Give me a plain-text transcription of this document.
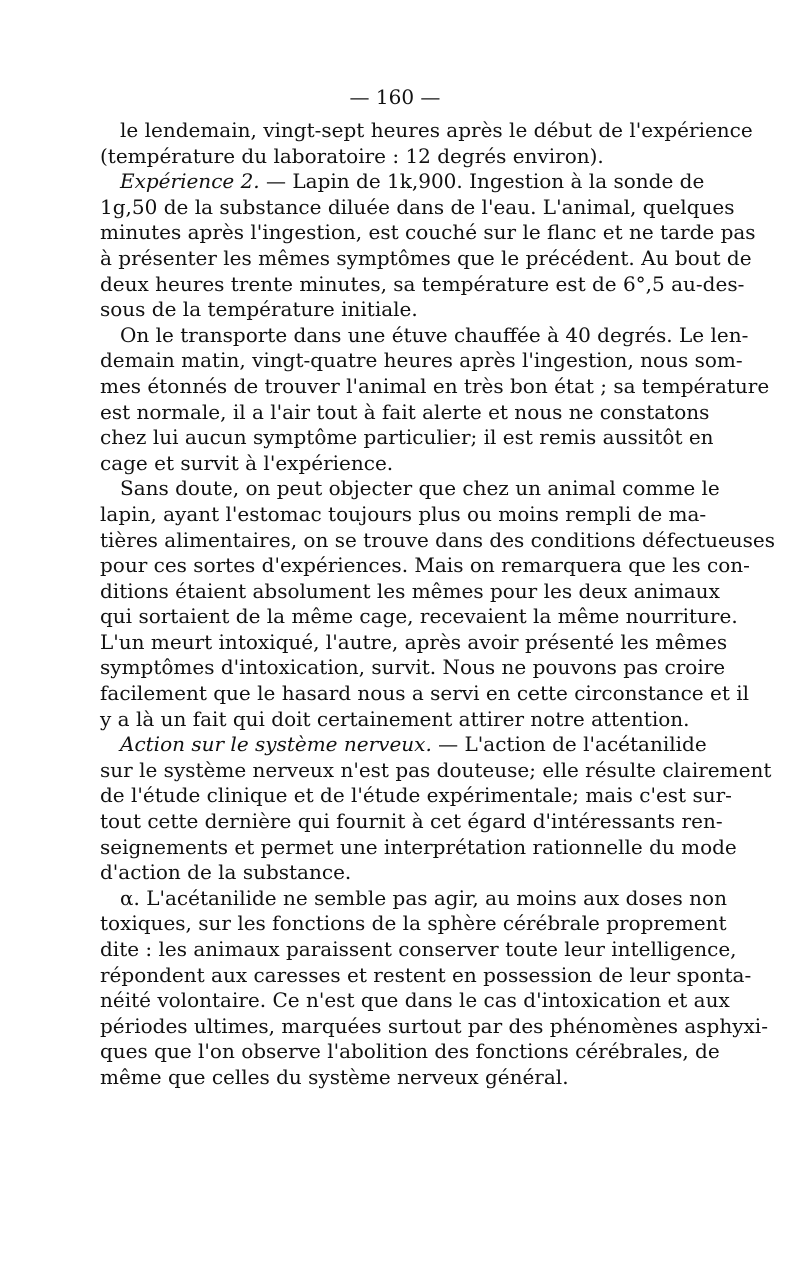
— 160 —
le lendemain, vingt-sept heures après le début de l'expérience
(température du laboratoire : 12 degrés environ).
Expérience 2. — Lapin de 1k,900. Ingestion à la sonde de
1g,50 de la substance diluée dans de l'eau. L'animal, quelques
minutes après l'ingestion, est couché sur le flanc et ne tarde pas
à présenter les mêmes symptômes que le précédent. Au bout de
deux heures trente minutes, sa température est de 6°,5 au-des-
sous de la température initiale.
On le transporte dans une étuve chauffée à 40 degrés. Le len-
demain matin, vingt-quatre heures après l'ingestion, nous som-
mes étonnés de trouver l'animal en très bon état ; sa température
est normale, il a l'air tout à fait alerte et nous ne constatons
chez lui aucun symptôme particulier; il est remis aussitôt en
cage et survit à l'expérience.
Sans doute, on peut objecter que chez un animal comme le
lapin, ayant l'estomac toujours plus ou moins rempli de ma-
tières alimentaires, on se trouve dans des conditions défectueuses
pour ces sortes d'expériences. Mais on remarquera que les con-
ditions étaient absolument les mêmes pour les deux animaux
qui sortaient de la même cage, recevaient la même nourriture.
L'un meurt intoxiqué, l'autre, après avoir présenté les mêmes
symptômes d'intoxication, survit. Nous ne pouvons pas croire
facilement que le hasard nous a servi en cette circonstance et il
y a là un fait qui doit certainement attirer notre attention.
Action sur le système nerveux. — L'action de l'acétanilide
sur le système nerveux n'est pas douteuse; elle résulte clairement
de l'étude clinique et de l'étude expérimentale; mais c'est sur-
tout cette dernière qui fournit à cet égard d'intéressants ren-
seignements et permet une interprétation rationnelle du mode
d'action de la substance.
α. L'acétanilide ne semble pas agir, au moins aux doses non
toxiques, sur les fonctions de la sphère cérébrale proprement
dite : les animaux paraissent conserver toute leur intelligence,
répondent aux caresses et restent en possession de leur sponta-
néité volontaire. Ce n'est que dans le cas d'intoxication et aux
périodes ultimes, marquées surtout par des phénomènes asphyxi-
ques que l'on observe l'abolition des fonctions cérébrales, de
même que celles du système nerveux général.
